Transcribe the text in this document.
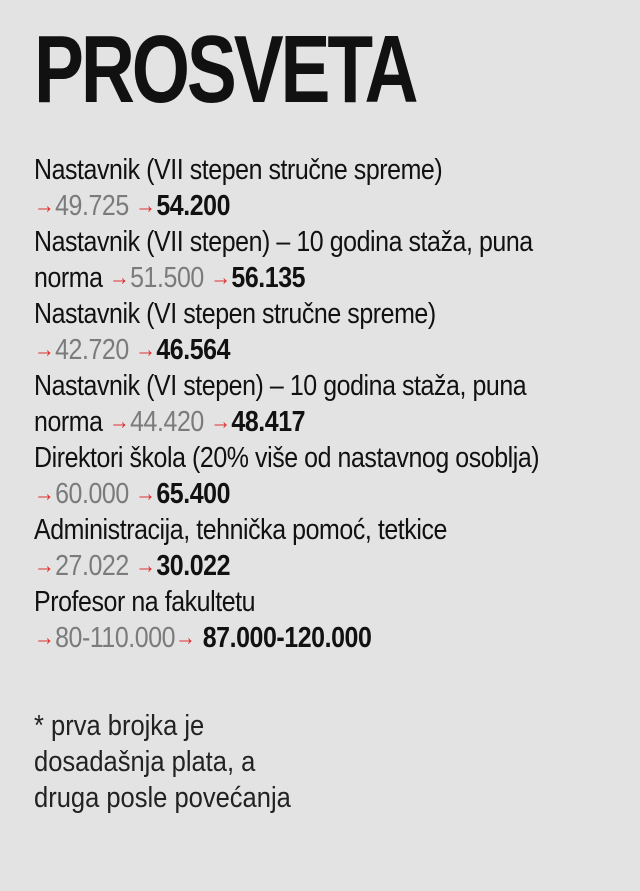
PROSVETA
Nastavnik (VII stepen stručne spreme)
→49.725 →54.200
Nastavnik (VII stepen) – 10 godina staža, puna
norma →51.500 →56.135
Nastavnik (VI stepen stručne spreme)
→42.720 →46.564
Nastavnik (VI stepen) – 10 godina staža, puna
norma →44.420 →48.417
Direktori škola (20% više od nastavnog osoblja)
→60.000 →65.400
Administracija, tehnička pomoć, tetkice
→27.022 →30.022
Profesor na fakultetu
→80-110.000→ 87.000-120.000
* prva brojka je
dosadašnja plata, a
druga posle povećanja
